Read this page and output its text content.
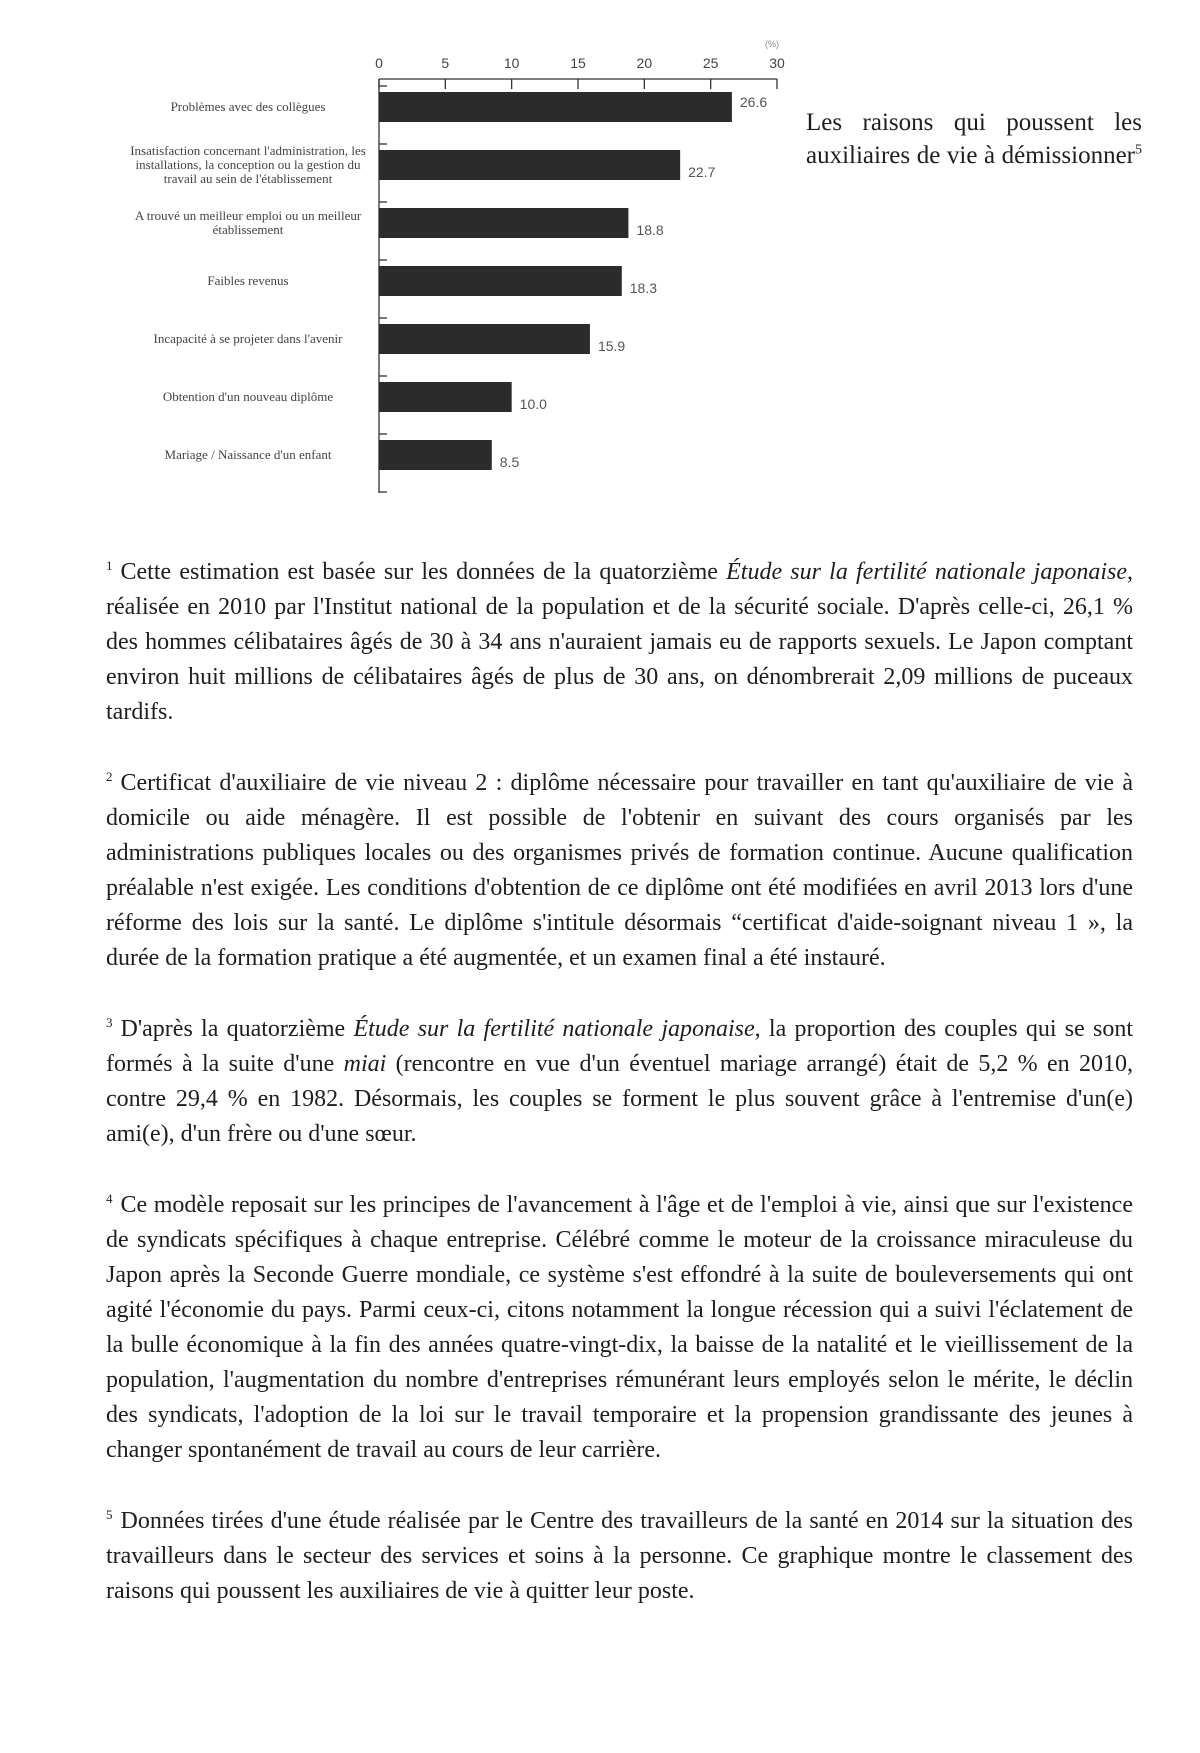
(%)
0	5	10	15	20	25	30
26.6
22.7
18.8
18.3
15.9
10.0
8.5
Problèmes avec des collègues
Insatisfaction concernant l'administration, les installations, la conception ou la gestion du travail au sein de l'établissement
A trouvé un meilleur emploi ou un meilleur établissement
Faibles revenus
Incapacité à se projeter dans l'avenir
Obtention d'un nouveau diplôme
Mariage / Naissance d'un enfant
Les raisons qui poussent les auxiliaires de vie à démissionner$^5$

$^1$ Cette estimation est basée sur les données de la quatorzième Étude sur la fertilité nationale japonaise, réalisée en 2010 par l'Institut national de la population et de la sécurité sociale. D'après celle-ci, 26,1 % des hommes célibataires âgés de 30 à 34 ans n'auraient jamais eu de rapports sexuels. Le Japon comptant environ huit millions de célibataires âgés de plus de 30 ans, on dénombrerait 2,09 millions de puceaux tardifs.

$^2$ Certificat d'auxiliaire de vie niveau 2 : diplôme nécessaire pour travailler en tant qu'auxiliaire de vie à domicile ou aide ménagère. Il est possible de l'obtenir en suivant des cours organisés par les administrations publiques locales ou des organismes privés de formation continue. Aucune qualification préalable n'est exigée. Les conditions d'obtention de ce diplôme ont été modifiées en avril 2013 lors d'une réforme des lois sur la santé. Le diplôme s'intitule désormais “certificat d'aide-soignant niveau 1 », la durée de la formation pratique a été augmentée, et un examen final a été instauré.

$^3$ D'après la quatorzième Étude sur la fertilité nationale japonaise, la proportion des couples qui se sont formés à la suite d'une miai (rencontre en vue d'un éventuel mariage arrangé) était de 5,2 % en 2010, contre 29,4 % en 1982. Désormais, les couples se forment le plus souvent grâce à l'entremise d'un(e) ami(e), d'un frère ou d'une sœur.

$^4$ Ce modèle reposait sur les principes de l'avancement à l'âge et de l'emploi à vie, ainsi que sur l'existence de syndicats spécifiques à chaque entreprise. Célébré comme le moteur de la croissance miraculeuse du Japon après la Seconde Guerre mondiale, ce système s'est effondré à la suite de bouleversements qui ont agité l'économie du pays. Parmi ceux-ci, citons notamment la longue récession qui a suivi l'éclatement de la bulle économique à la fin des années quatre-vingt-dix, la baisse de la natalité et le vieillissement de la population, l'augmentation du nombre d'entreprises rémunérant leurs employés selon le mérite, le déclin des syndicats, l'adoption de la loi sur le travail temporaire et la propension grandissante des jeunes à changer spontanément de travail au cours de leur carrière.

$^5$ Données tirées d'une étude réalisée par le Centre des travailleurs de la santé en 2014 sur la situation des travailleurs dans le secteur des services et soins à la personne. Ce graphique montre le classement des raisons qui poussent les auxiliaires de vie à quitter leur poste.
